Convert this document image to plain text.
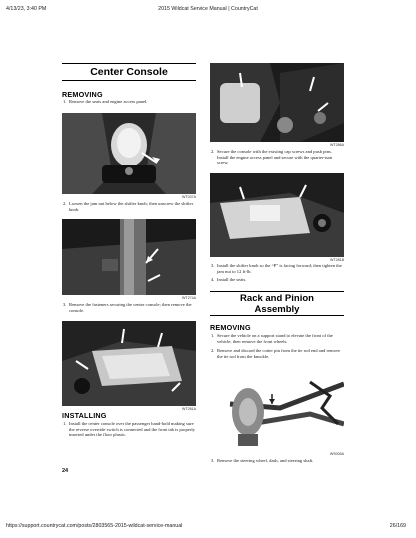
4/13/23, 3:40 PM	2015 Wildcat Service Manual | CountryCat
Center Console
REMOVING
1. Remove the seats and engine access panel.
WT037A
2. Loosen the jam nut below the shifter knob; then unscrew the shifter knob.
WT274A
3. Remove the fasteners securing the center console; then remove the console.
WT281A
INSTALLING
1. Install the center console over the passenger hand-hold making sure the reverse override switch is connected and the front tab is properly inserted under the floor plastic.
24
WT286A
2. Secure the console with the existing cap screws and push pins. Install the engine access panel and secure with the quarter-turn screw.
WT281B
3. Install the shifter knob so the “P” is facing forward; then tighten the jam nut to 12 ft-lb.
4. Install the seats.
Rack and Pinion
Assembly
REMOVING
1. Secure the vehicle on a support stand to elevate the front of the vehicle; then remove the front wheels.
2. Remove and discard the cotter pin from the tie rod end and remove the tie rod from the knuckle.
WS005A
3. Remove the steering wheel, dash, and steering shaft.
https://support.countrycat.com/posts/2803565-2015-wildcat-service-manual	26/169
